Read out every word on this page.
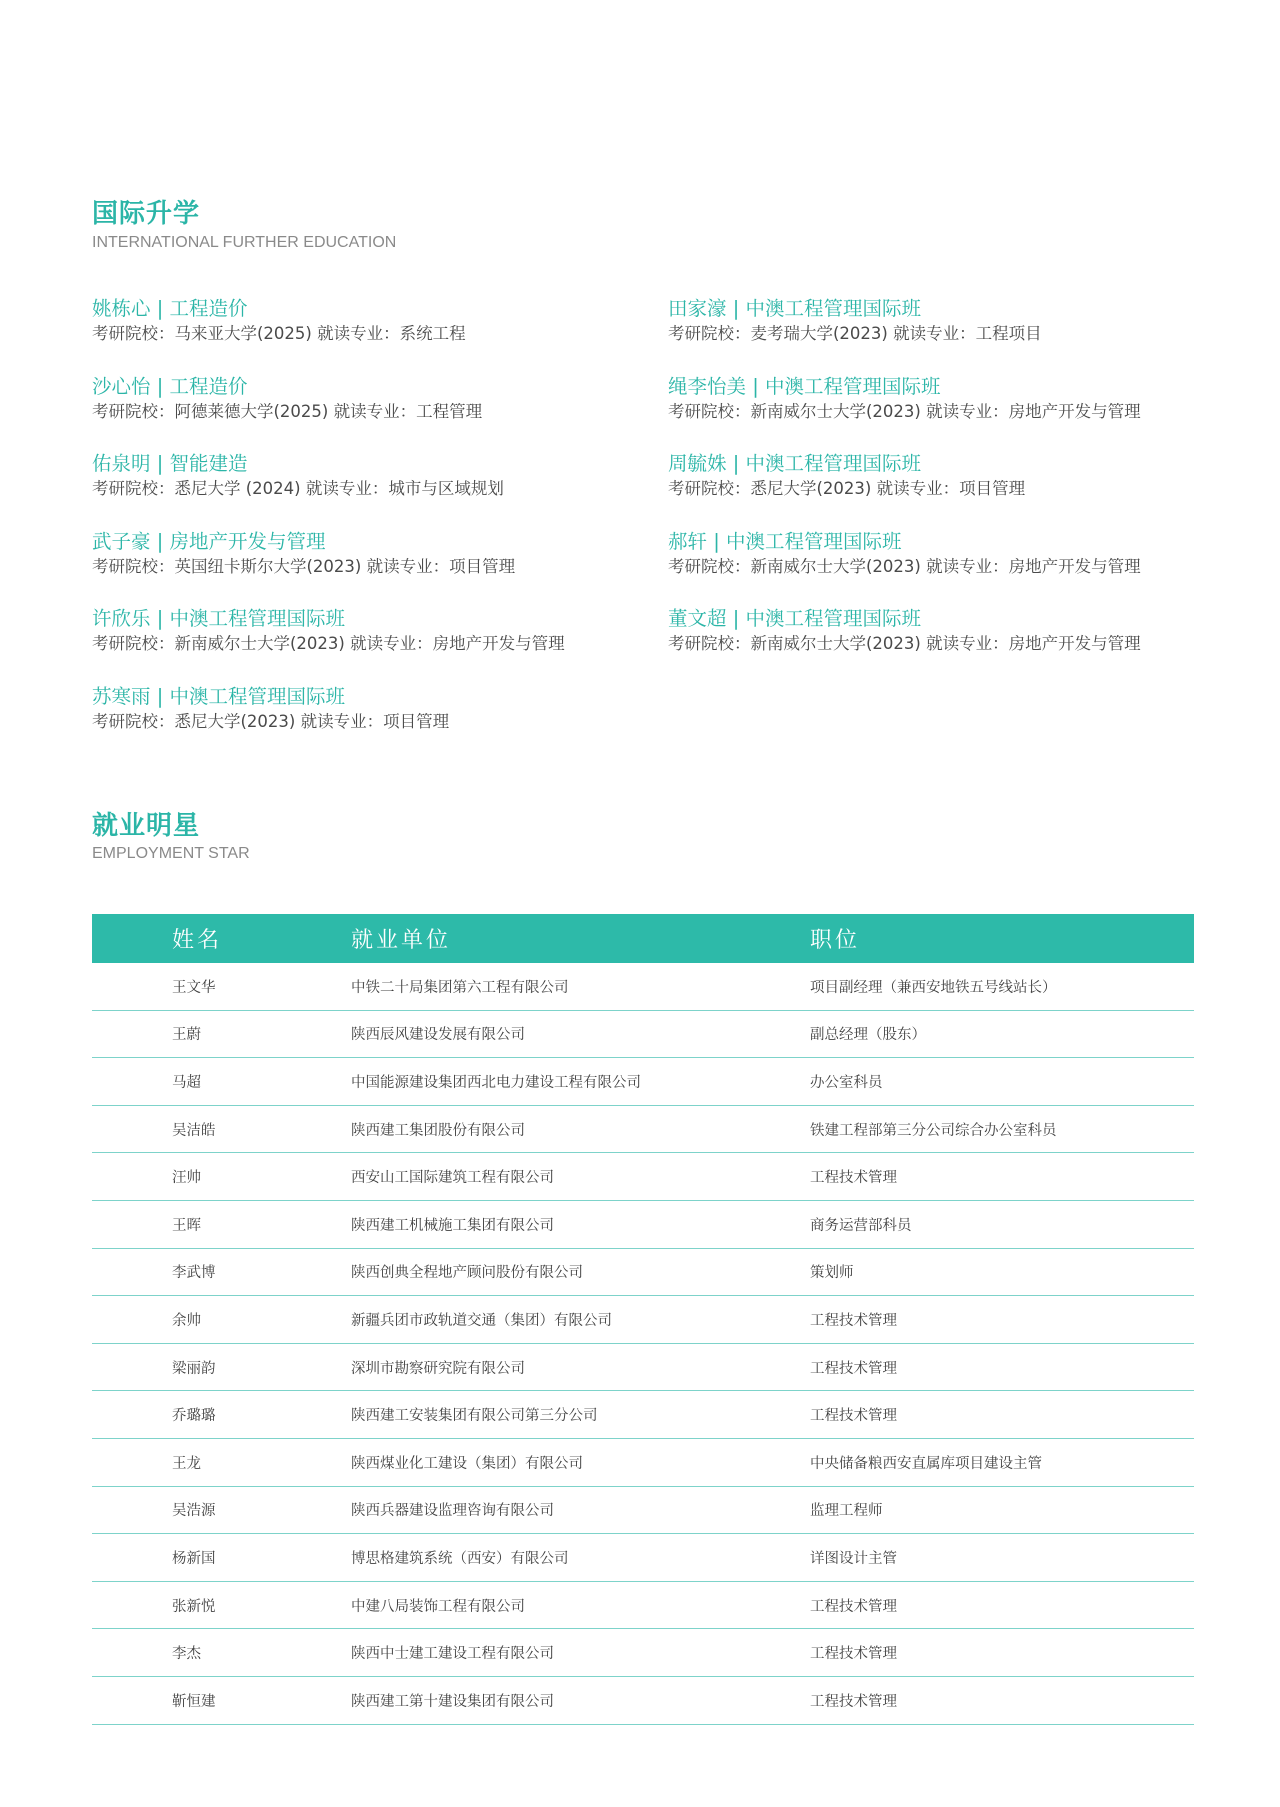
国际升学

INTERNATIONAL FURTHER EDUCATION

姚栋心 | 工程造价
考研院校：马来亚大学(2025) 就读专业：系统工程
田家濠 | 中澳工程管理国际班
考研院校：麦考瑞大学(2023) 就读专业：工程项目
沙心怡 | 工程造价
考研院校：阿德莱德大学(2025) 就读专业：工程管理
绳李怡美 | 中澳工程管理国际班
考研院校：新南威尔士大学(2023) 就读专业：房地产开发与管理
佑泉明 | 智能建造
考研院校：悉尼大学 (2024) 就读专业：城市与区域规划
周毓姝 | 中澳工程管理国际班
考研院校：悉尼大学(2023) 就读专业：项目管理
武子豪 | 房地产开发与管理
考研院校：英国纽卡斯尔大学(2023) 就读专业：项目管理
郝轩 | 中澳工程管理国际班
考研院校：新南威尔士大学(2023) 就读专业：房地产开发与管理
许欣乐 | 中澳工程管理国际班
考研院校：新南威尔士大学(2023) 就读专业：房地产开发与管理
董文超 | 中澳工程管理国际班
考研院校：新南威尔士大学(2023) 就读专业：房地产开发与管理
苏寒雨 | 中澳工程管理国际班
考研院校：悉尼大学(2023) 就读专业：项目管理
就业明星

EMPLOYMENT STAR

姓名	就业单位	职位
王文华	中铁二十局集团第六工程有限公司	项目副经理（兼西安地铁五号线站长）
王蔚	陕西辰风建设发展有限公司	副总经理（股东）
马超	中国能源建设集团西北电力建设工程有限公司	办公室科员
吴洁皓	陕西建工集团股份有限公司	铁建工程部第三分公司综合办公室科员
汪帅	西安山工国际建筑工程有限公司	工程技术管理
王晖	陕西建工机械施工集团有限公司	商务运营部科员
李武博	陕西创典全程地产顾问股份有限公司	策划师
余帅	新疆兵团市政轨道交通（集团）有限公司	工程技术管理
梁丽韵	深圳市勘察研究院有限公司	工程技术管理
乔璐璐	陕西建工安装集团有限公司第三分公司	工程技术管理
王龙	陕西煤业化工建设（集团）有限公司	中央储备粮西安直属库项目建设主管
吴浩源	陕西兵器建设监理咨询有限公司	监理工程师
杨新国	博思格建筑系统（西安）有限公司	详图设计主管
张新悦	中建八局装饰工程有限公司	工程技术管理
李杰	陕西中士建工建设工程有限公司	工程技术管理
靳恒建	陕西建工第十建设集团有限公司	工程技术管理
